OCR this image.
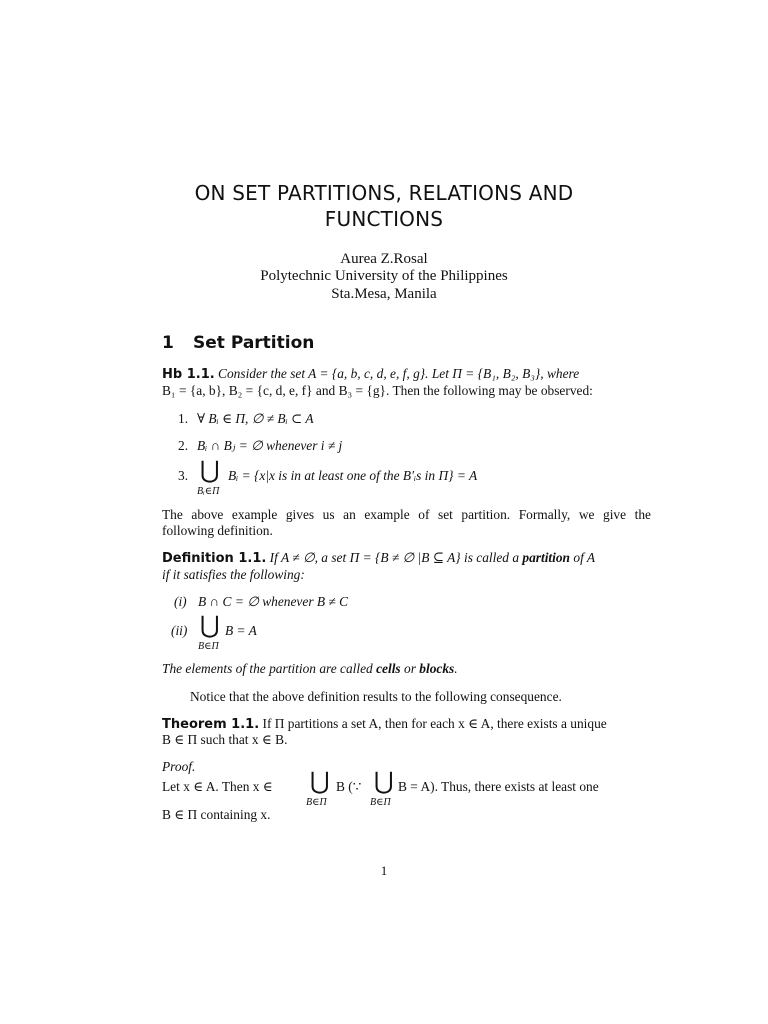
ON SET PARTITIONS, RELATIONS AND
FUNCTIONS
Aurea Z.Rosal
Polytechnic University of the Philippines
Sta.Mesa, Manila
1 Set Partition
Hb 1.1. Consider the set A = {a, b, c, d, e, f, g}. Let Π = {B₁, B₂, B₃}, where
B₁ = {a, b}, B₂ = {c, d, e, f} and B₃ = {g}. Then the following may be observed:
1. ∀ Bᵢ ∈ Π, ∅ ≠ Bᵢ ⊂ A
2. Bᵢ ∩ Bⱼ = ∅ whenever i ≠ j
3. ⋃
Bᵢ∈Π
Bᵢ = {x|x is in at least one of the B′ᵢs in Π} = A
The above example gives us an example of set partition. Formally, we give the
following definition.
Definition 1.1. If A ≠ ∅, a set Π = {B ≠ ∅ |B ⊆ A} is called a partition of A
if it satisfies the following:
(i) B ∩ C = ∅ whenever B ≠ C
(ii) ⋃
B∈Π
B = A
The elements of the partition are called cells or blocks.
Notice that the above definition results to the following consequence.
Theorem 1.1. If Π partitions a set A, then for each x ∈ A, there exists a unique
B ∈ Π such that x ∈ B.
Proof.
Let x ∈ A. Then x ∈ ⋃
B∈Π
B (∵ ⋃
B∈Π
B = A). Thus, there exists at least one
B ∈ Π containing x.
1
